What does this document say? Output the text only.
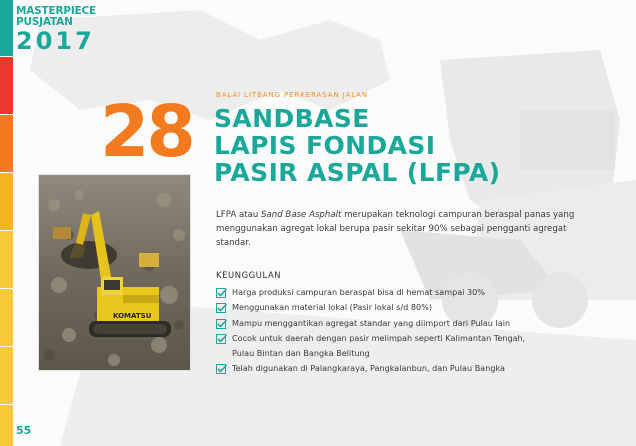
MASTERPIECE
PUSJATAN
2017
BALAI LITBANG PERKERASAN JALAN
28 SANDBASE
LAPIS FONDASI
PASIR ASPAL (LFPA)
KOMATSU
LFPA atau Sand Base Asphalt merupakan teknologi campuran beraspal panas yang menggunakan agregat lokal berupa pasir sekitar 90% sebagai pengganti agregat standar.
KEUNGGULAN
Harga produksi campuran beraspal bisa di hemat sampai 30%
Menggunakan material lokal (Pasir lokal s/d 80%)
Mampu menggantikan agregat standar yang diimport dari Pulau lain
Cocok untuk daerah dengan pasir melimpah seperti Kalimantan Tengah,
Pulau Bintan dan Bangka Belitung
Telah digunakan di Palangkaraya, Pangkalanbun, dan Pulau Bangka
55
